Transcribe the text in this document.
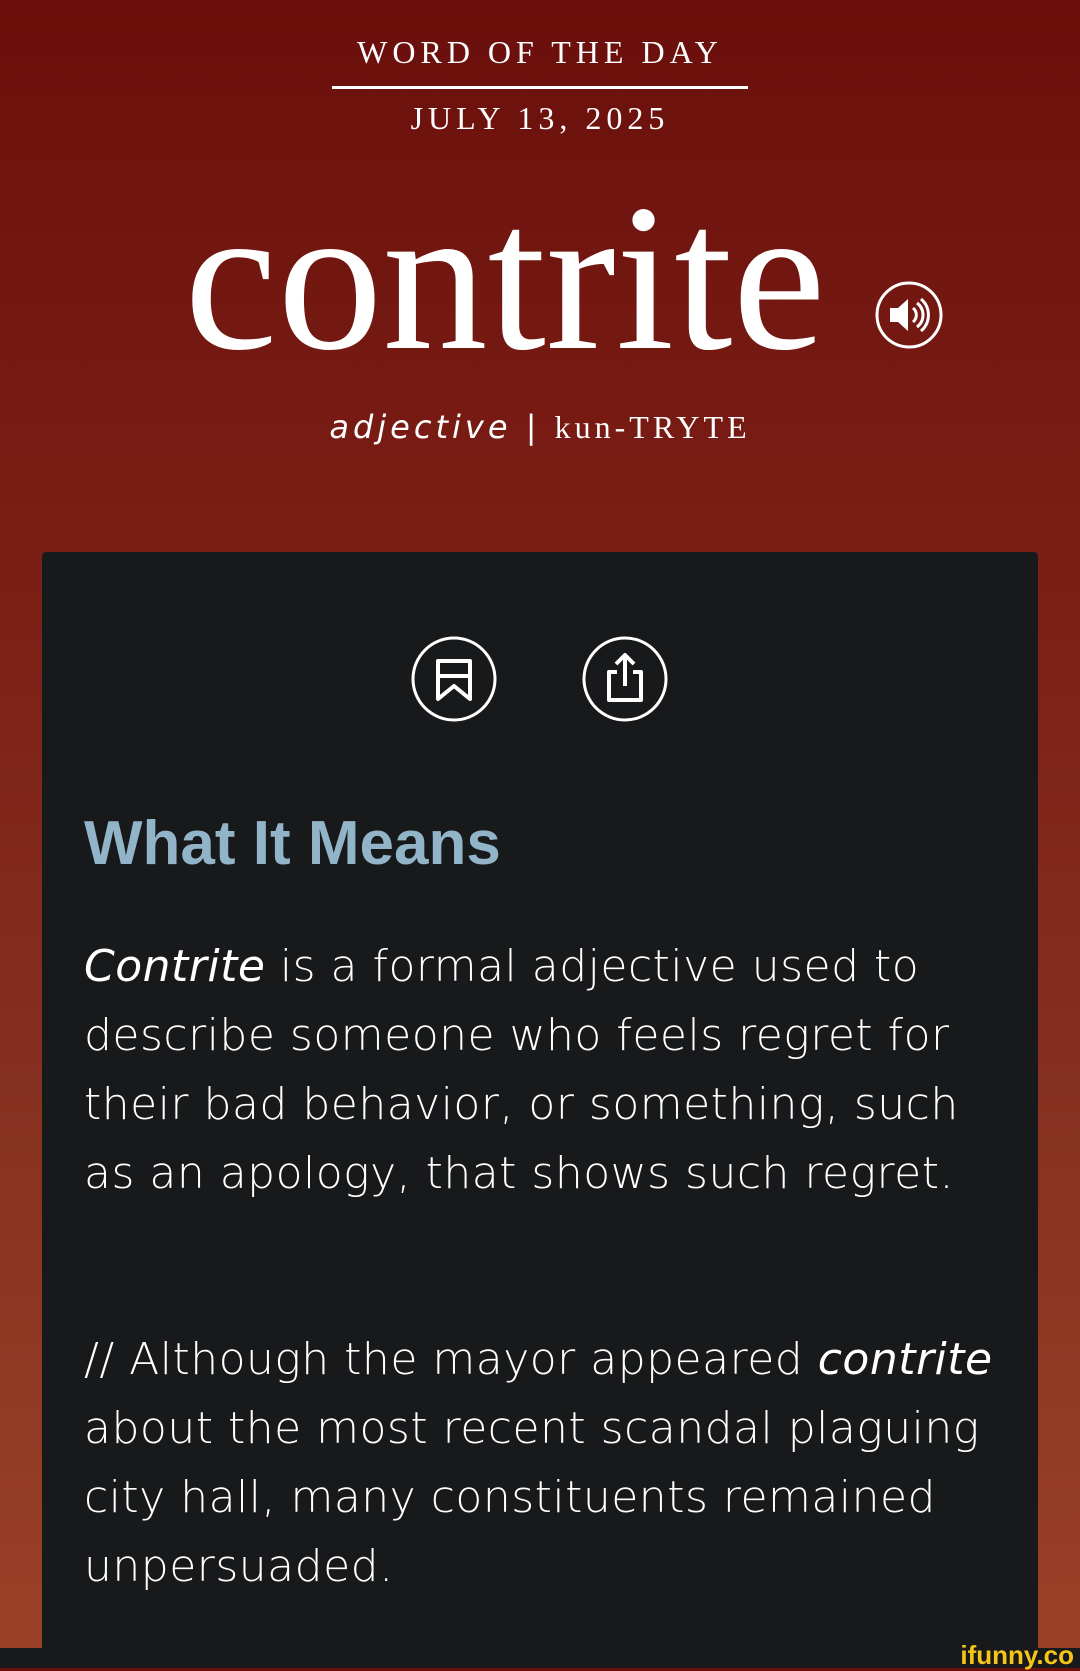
WORD OF THE DAY
JULY 13, 2025
contrite
adjective | kun-TRYTE
What It Means
Contrite is a formal adjective used to describe someone who feels regret for their bad behavior, or something, such as an apology, that shows such regret.
// Although the mayor appeared contrite about the most recent scandal plaguing city hall, many constituents remained unpersuaded.
ifunny.co
